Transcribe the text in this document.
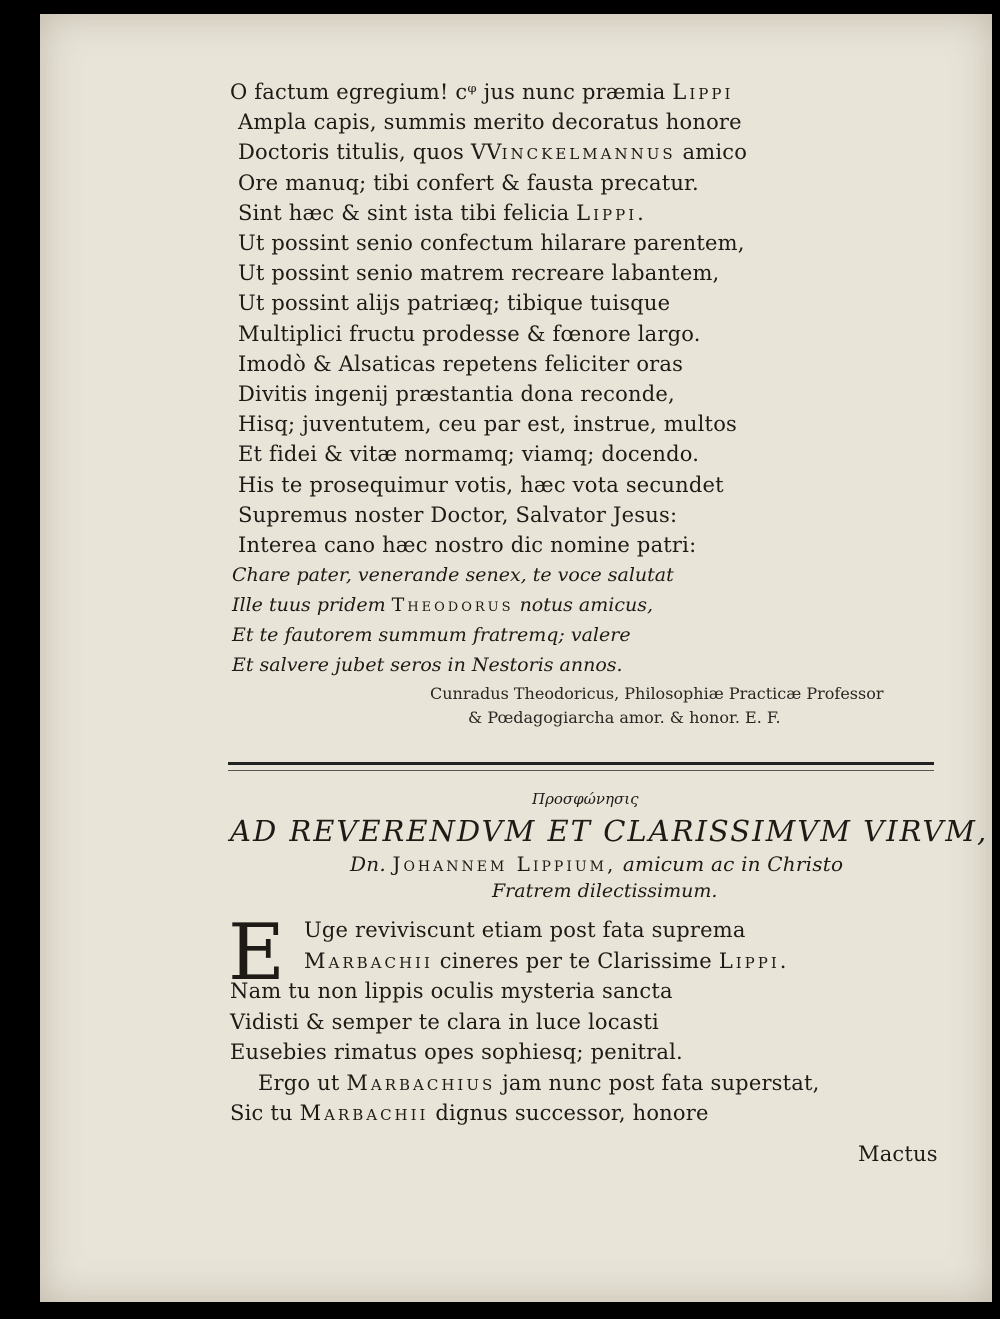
O factum egregium! cᵠ jus nunc præmia Lippi
Ampla capis, summis merito decoratus honore
Doctoris titulis, quos VVinckelmannus amico
Ore manuq; tibi confert & fausta precatur.
Sint hæc & sint ista tibi felicia Lippi.
Ut possint senio confectum hilarare parentem,
Ut possint senio matrem recreare labantem,
Ut possint alijs patriæq; tibique tuisque
Multiplici fructu prodesse & fœnore largo.
Imodò & Alsaticas repetens feliciter oras
Divitis ingenij præstantia dona reconde,
Hisq; juventutem, ceu par est, instrue, multos
Et fidei & vitæ normamq; viamq; docendo.
His te prosequimur votis, hæc vota secundet
Supremus noster Doctor, Salvator Jesus:
Interea cano hæc nostro dic nomine patri:
Chare pater, venerande senex, te voce salutat
Ille tuus pridem Theodorus notus amicus,
Et te fautorem summum fratremq; valere
Et salvere jubet seros in Nestoris annos.
Cunradus Theodoricus, Philosophiæ Practicæ Professor
& Pœdagogiarcha amor. & honor. E. F.
Προσφώνησις
AD REVERENDVM ET CLARISSIMVM VIRVM,
Dn. Johannem Lippium, amicum ac in Christo
Fratrem dilectissimum.
E Uge reviviscunt etiam post fata suprema
Marbachii cineres per te Clarissime Lippi.
Nam tu non lippis oculis mysteria sancta
Vidisti & semper te clara in luce locasti
Eusebies rimatus opes sophiesq; penitral.
Ergo ut Marbachius jam nunc post fata superstat,
Sic tu Marbachii dignus successor, honore
Mactus
